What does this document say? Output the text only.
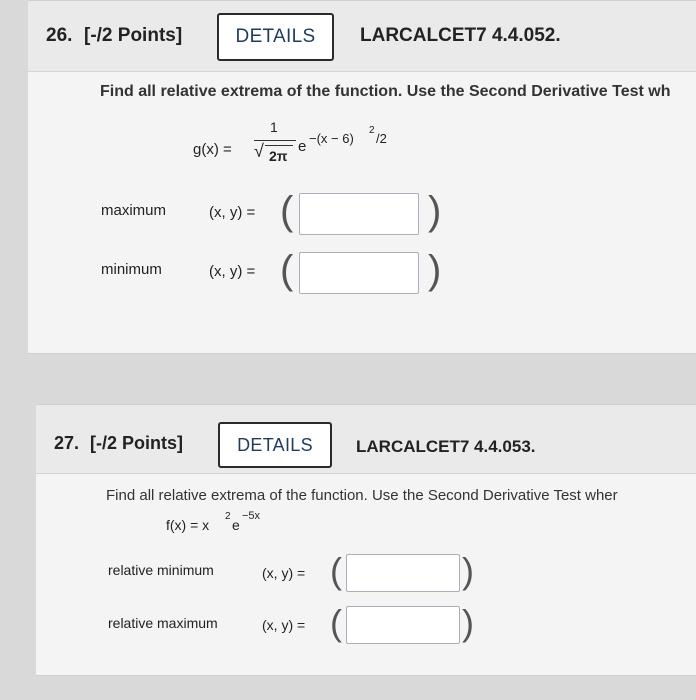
26. [-/2 Points]	DETAILS LARCALCET7 4.4.052.
Find all relative extrema of the function. Use the Second Derivative Test wh
g(x) =
1
√ 2π
e −(x − 6)
2
/2
maximum	(x, y) = (	)
minimum	(x, y) = (	)
27. [-/2 Points]	DETAILS	LARCALCET7 4.4.053.
Find all relative extrema of the function. Use the Second Derivative Test wher
f(x) = x
2
e
−5x
relative minimum	(x, y) = (	)
relative maximum	(x, y) = (	)
